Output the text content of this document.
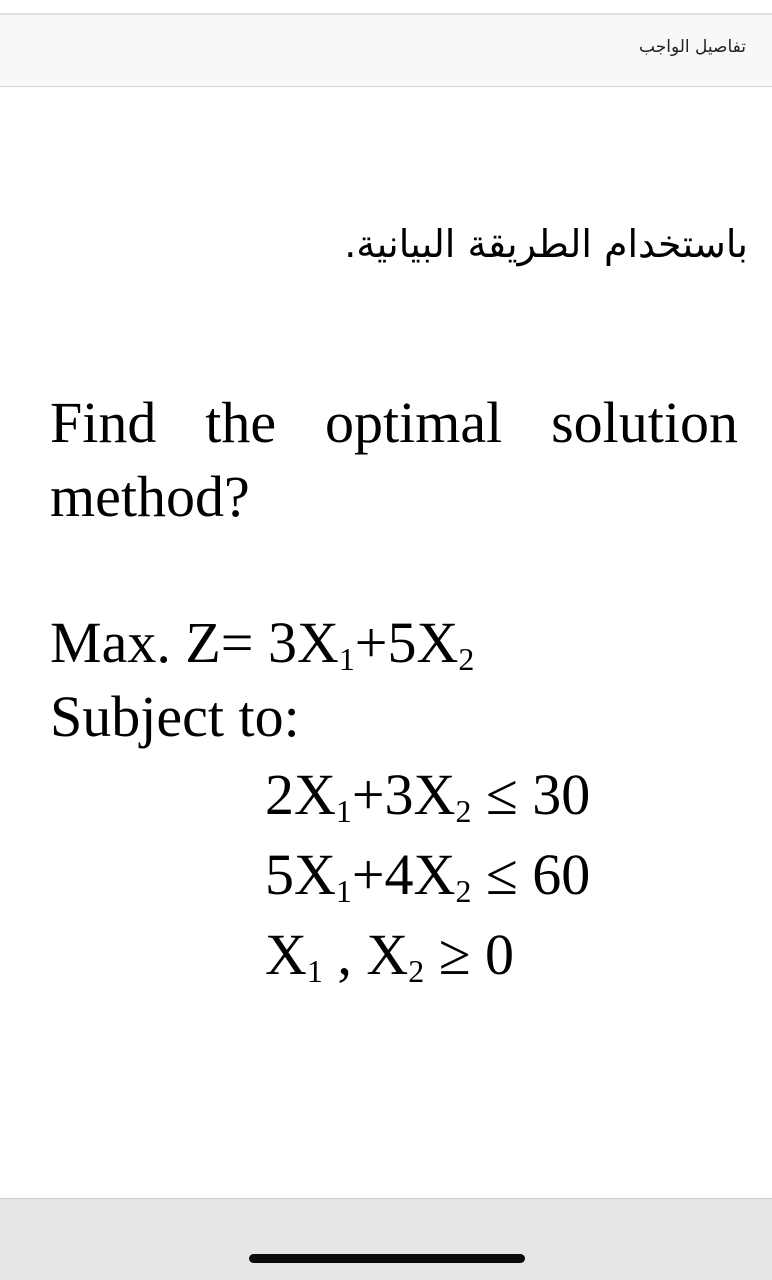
تفاصيل الواجب
باستخدام الطريقة البيانية.
Find the optimal solution
method?
Max. $Z= 3X_1+5X_2$
Subject to:
$2X_1+3X_2 \le 30$
$5X_1+4X_2 \le 60$
$X_1$ , $X_2 \ge 0$
